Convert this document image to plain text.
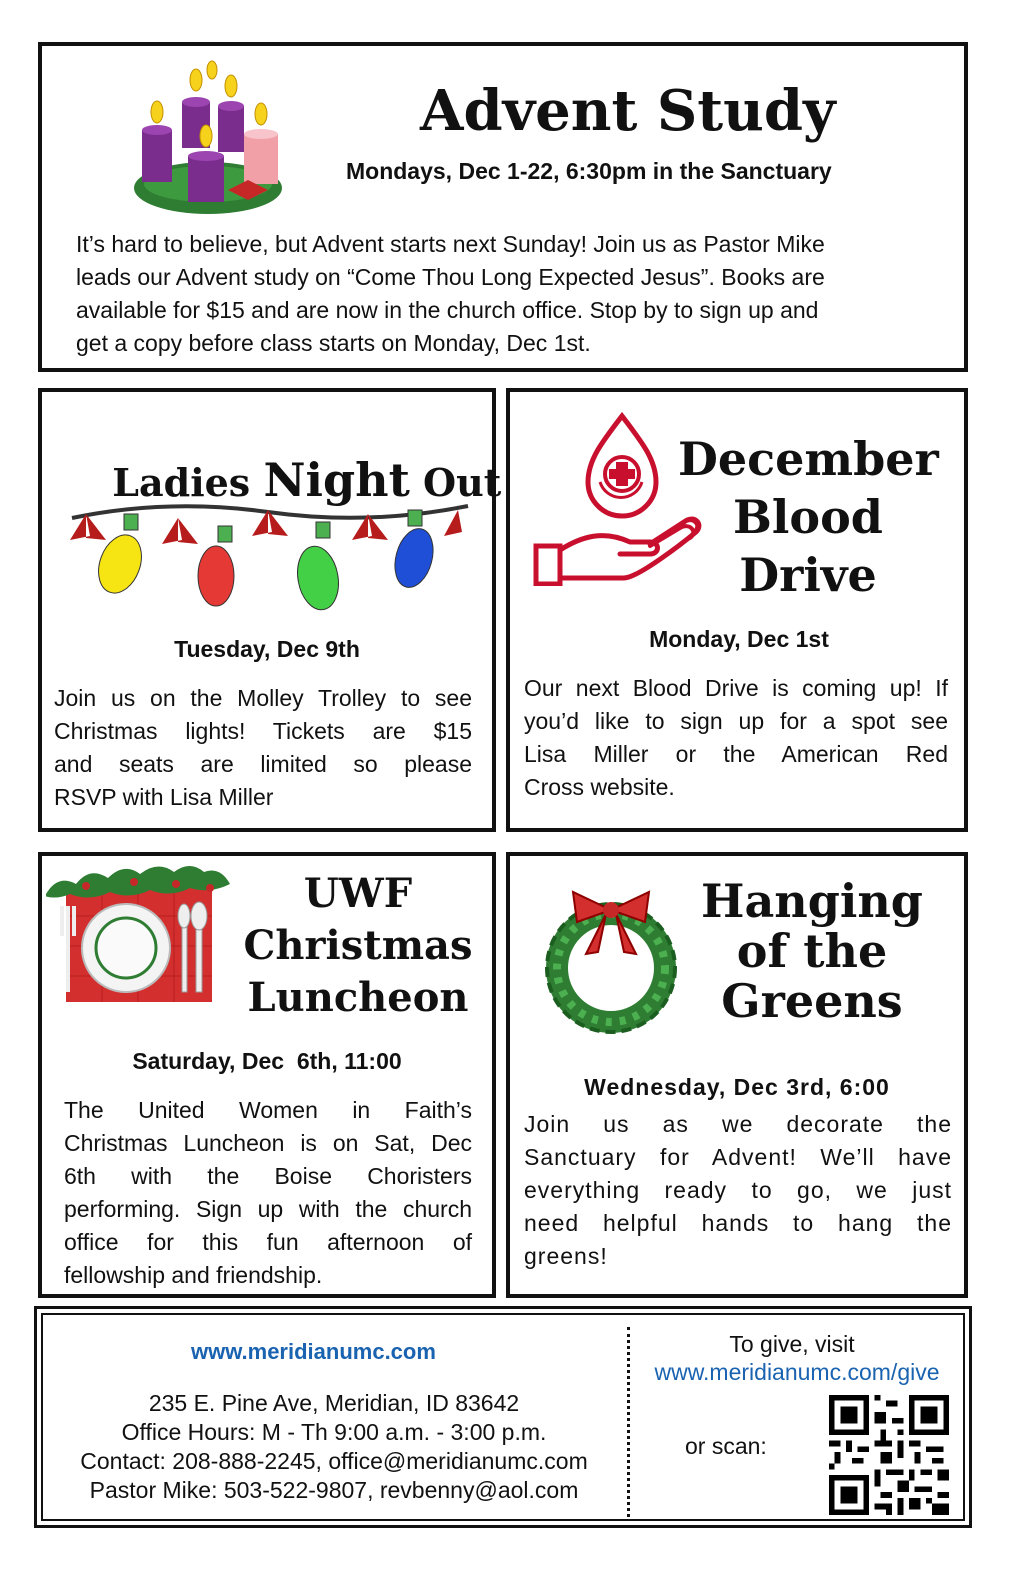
Advent Study
Mondays, Dec 1-22, 6:30pm in the Sanctuary
It’s hard to believe, but Advent starts next Sunday! Join us as Pastor Mike
leads our Advent study on “Come Thou Long Expected Jesus”. Books are
available for $15 and are now in the church office. Stop by to sign up and
get a copy before class starts on Monday, Dec 1st.

Ladies Night Out

Tuesday, Dec 9th
Join us on the Molley Trolley to see
Christmas lights! Tickets are $15
and seats are limited so please
RSVP with Lisa Miller
December
Blood
Drive
Monday, Dec 1st
Our next Blood Drive is coming up! If
you’d like to sign up for a spot see
Lisa Miller or the American Red
Cross website.
UWF
Christmas
Luncheon
Saturday, Dec  6th, 11:00
The United Women in Faith’s
Christmas Luncheon is on Sat, Dec
6th with the Boise Choristers
performing. Sign up with the church
office for this fun afternoon of
fellowship and friendship.
Hanging
of the
Greens
Wednesday, Dec 3rd, 6:00
Join us as we decorate the
Sanctuary for Advent! We’ll have
everything ready to go, we just
need helpful hands to hang the
greens!
www.meridianumc.com
235 E. Pine Ave, Meridian, ID 83642
Office Hours: M - Th 9:00 a.m. - 3:00 p.m.
Contact: 208-888-2245, office@meridianumc.com
Pastor Mike: 503-522-9807, revbenny@aol.com
To give, visit
www.meridianumc.com/give
or scan:
